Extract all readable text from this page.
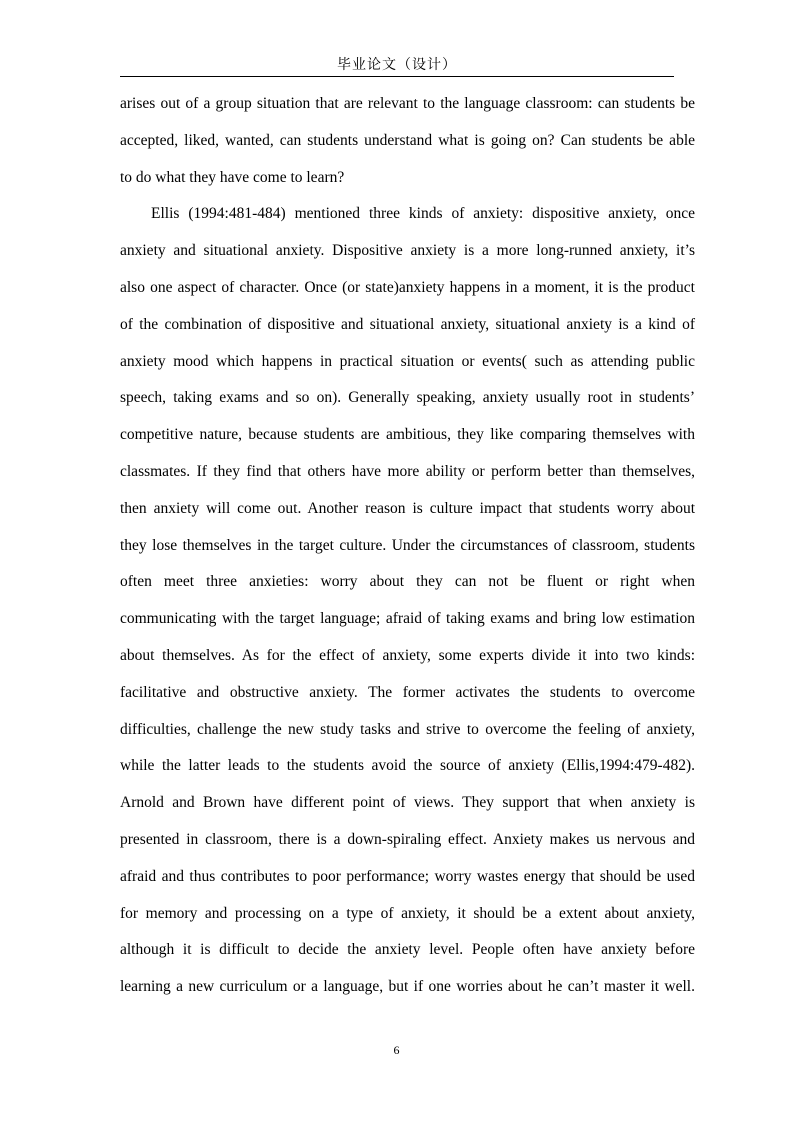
毕业论文（设计）
arises out of a group situation that are relevant to the language classroom: can students be
accepted, liked, wanted, can students understand what is going on? Can students be able
to do what they have come to learn?
Ellis (1994:481-484) mentioned three kinds of anxiety: dispositive anxiety, once
anxiety and situational anxiety. Dispositive anxiety is a more long-runned anxiety, it’s
also one aspect of character. Once (or state)anxiety happens in a moment, it is the product
of the combination of dispositive and situational anxiety, situational anxiety is a kind of
anxiety mood which happens in practical situation or events( such as attending public
speech, taking exams and so on). Generally speaking, anxiety usually root in students’
competitive nature, because students are ambitious, they like comparing themselves with
classmates. If they find that others have more ability or perform better than themselves,
then anxiety will come out. Another reason is culture impact that students worry about
they lose themselves in the target culture. Under the circumstances of classroom, students
often meet three anxieties: worry about they can not be fluent or right when
communicating with the target language; afraid of taking exams and bring low estimation
about themselves. As for the effect of anxiety, some experts divide it into two kinds:
facilitative and obstructive anxiety. The former activates the students to overcome
difficulties, challenge the new study tasks and strive to overcome the feeling of anxiety,
while the latter leads to the students avoid the source of anxiety (Ellis,1994:479-482).
Arnold and Brown have different point of views. They support that when anxiety is
presented in classroom, there is a down-spiraling effect. Anxiety makes us nervous and
afraid and thus contributes to poor performance; worry wastes energy that should be used
for memory and processing on a type of anxiety, it should be a extent about anxiety,
although it is difficult to decide the anxiety level. People often have anxiety before
learning a new curriculum or a language, but if one worries about he can’t master it well.
6
